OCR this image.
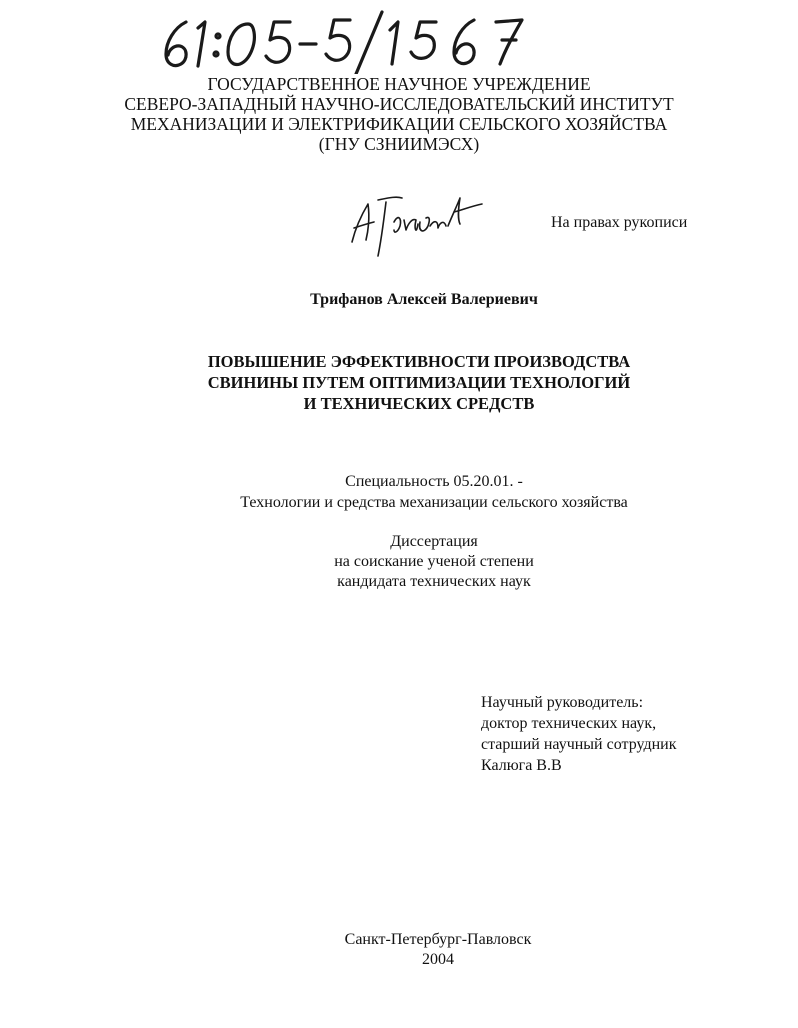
ГОСУДАРСТВЕННОЕ НАУЧНОЕ УЧРЕЖДЕНИЕ
СЕВЕРО-ЗАПАДНЫЙ НАУЧНО-ИССЛЕДОВАТЕЛЬСКИЙ ИНСТИТУТ
МЕХАНИЗАЦИИ И ЭЛЕКТРИФИКАЦИИ СЕЛЬСКОГО ХОЗЯЙСТВА
(ГНУ СЗНИИМЭСХ)
На правах рукописи
Трифанов Алексей Валериевич
ПОВЫШЕНИЕ ЭФФЕКТИВНОСТИ ПРОИЗВОДСТВА
СВИНИНЫ ПУТЕМ ОПТИМИЗАЦИИ ТЕХНОЛОГИЙ
И ТЕХНИЧЕСКИХ СРЕДСТВ
Специальность 05.20.01. -
Технологии и средства механизации сельского хозяйства
Диссертация
на соискание ученой степени
кандидата технических наук
Научный руководитель:
доктор технических наук,
старший научный сотрудник
Калюга В.В
Санкт-Петербург-Павловск
2004
